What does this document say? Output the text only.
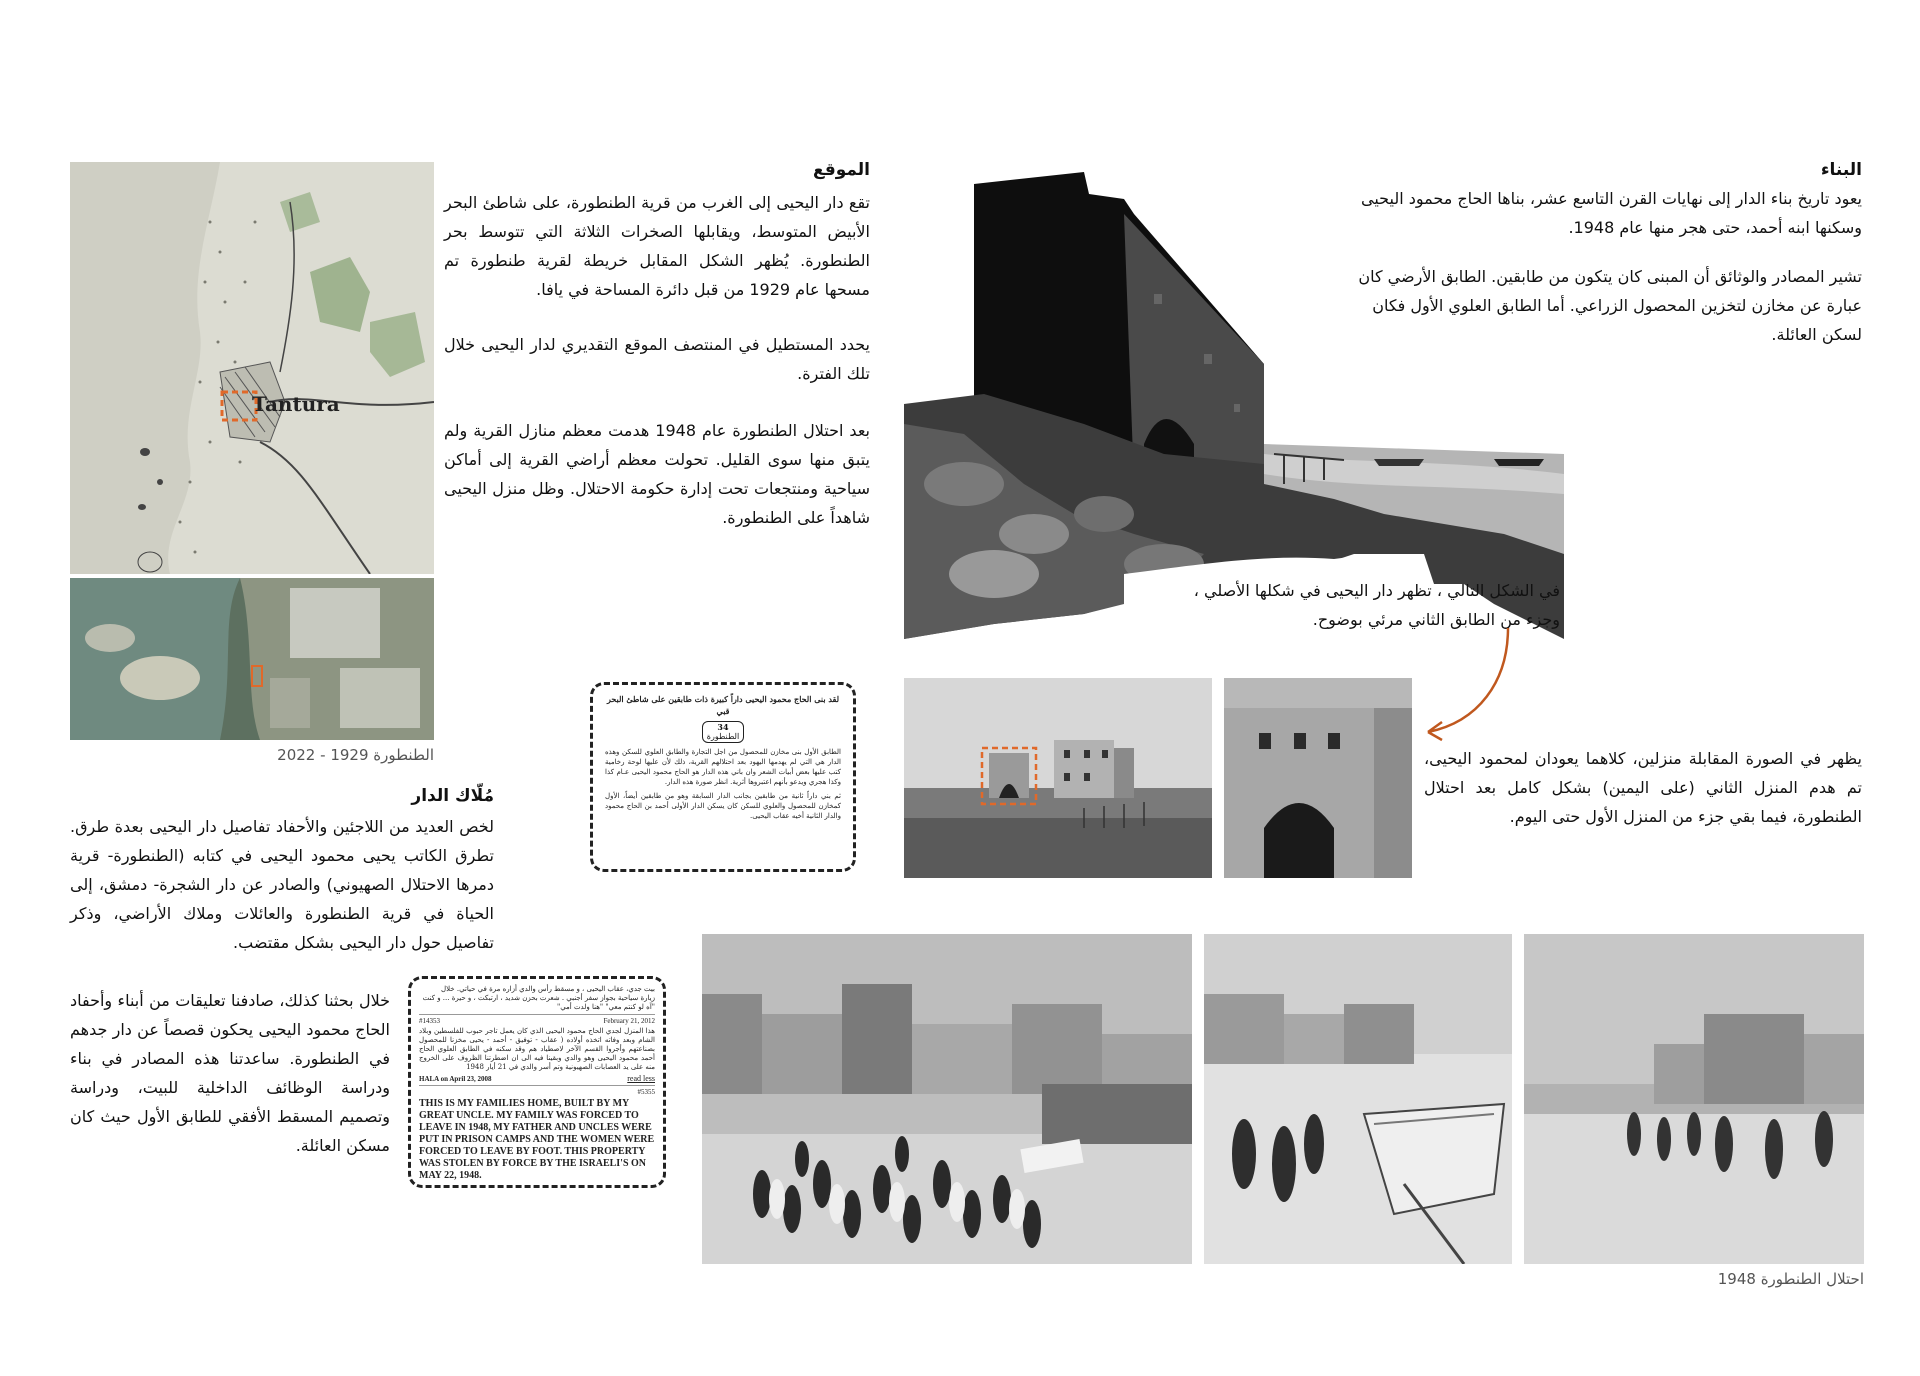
Tantura
الطنطورة 1929 - 2022
الموقع
تقع دار اليحيى إلى الغرب من قرية الطنطورة، على شاطئ البحر الأبيض المتوسط، ويقابلها الصخرات الثلاثة التي تتوسط بحر الطنطورة. يُظهر الشكل المقابل خريطة لقرية طنطورة تم مسحها عام 1929 من قبل دائرة المساحة في يافا.
يحدد المستطيل في المنتصف الموقع التقديري لدار اليحيى خلال تلك الفترة.
بعد احتلال الطنطورة عام 1948 هدمت معظم منازل القرية ولم يتبق منها سوى القليل. تحولت معظم أراضي القرية إلى أماكن سياحية ومنتجعات تحت إدارة حكومة الاحتلال. وظل منزل اليحيى شاهداً على الطنطورة.
مُلّاك الدار
لخص العديد من اللاجئين والأحفاد تفاصيل دار اليحيى بعدة طرق. تطرق الكاتب يحيى محمود اليحيى في كتابه (الطنطورة- قرية دمرها الاحتلال الصهيوني) والصادر عن دار الشجرة- دمشق، إلى الحياة في قرية الطنطورة والعائلات وملاك الأراضي، وذكر تفاصيل حول دار اليحيى بشكل مقتضب.
لقد بنى الحاج محمود اليحيى داراً كبيرة ذات طابقين على شاطئ البحر قبي
34
الطنطورة
الطابق الأول بنى مخازن للمحصول من اجل التجارة والطابق العلوي للسكن وهذه الدار هي التي لم يهدمها اليهود بعد احتلالهم القرية، ذلك لأن عليها لوحة رخامية كتب عليها بعض أبيات الشعر وان باني هذه الدار هو الحاج محمود اليحيى عـام كذا وكذا هجري ويدعو بأنهم اعتبروها أثرية. انظر صورة هذه الدار.
ثم بني داراً ثانية من طابقين بجانب الدار السابقة وهو من طابقين أيضاً، الأول كمخازن للمحصول والعلوي للسكن كان يسكن الدار الأولى أحمد بن الحاج محمود والدار الثانية أخيه عقاب اليحيى.
خلال بحثنا كذلك، صادفنا تعليقات من أبناء وأحفاد الحاج محمود اليحيى يحكون قصصاً عن دار جدهم في الطنطورة. ساعدتنا هذه المصادر في بناء ودراسة الوظائف الداخلية للبيت، ودراسة وتصميم المسقط الأفقي للطابق الأول حيث كان مسكن العائلة.
بيت جدي، عقاب اليحيى ، و مسقط رأس والدي أزاره مرة في حياتي. خلال
زيارة سياحية بجواز سفر أجنبي . شعرت بحزن شديد ، ارتبكت ، و حيرة ... و كنت
"آه لو كنتم معي" "هنا ولدت أمي"
#14353	February 21, 2012
هذا المنزل لجدي الحاج محمود اليحيى الذي كان يعمل تاجر حبوب للفلسطين وبلاد الشام وبعد وفاته اتخذه أولاده ( عقاب - توفيق - أحمد - يحيى مخزنا للمحصول بصناعتهم وأجروا القسم الآخر لاصطياد هم وقد سكنه في الطابق العلوي الحاج أحمد محمود اليحيى وهو والدي وبقينا فيه الى ان اضطرتنا الظروف على الخروج منه على يد العصابات الصهيونية وتم أسر والدي في 21 أيار 1948
HALA on April 23, 2008	read less
#5355
THIS IS MY FAMILIES HOME, BUILT BY MY GREAT UNCLE. MY FAMILY WAS FORCED TO LEAVE IN 1948, MY FATHER AND UNCLES WERE PUT IN PRISON CAMPS AND THE WOMEN WERE FORCED TO LEAVE BY FOOT. THIS PROPERTY WAS STOLEN BY FORCE BY THE ISRAELI'S ON MAY 22, 1948.
البناء
يعود تاريخ بناء الدار إلى نهايات القرن التاسع عشر، بناها الحاج محمود اليحيى وسكنها ابنه أحمد، حتى هجر منها عام 1948.
تشير المصادر والوثائق أن المبنى كان يتكون من طابقين. الطابق الأرضي كان عبارة عن مخازن لتخزين المحصول الزراعي. أما الطابق العلوي الأول فكان لسكن العائلة.
في الشكل التالي ، تظهر دار اليحيى في شكلها الأصلي ، وجزء من الطابق الثاني مرئي بوضوح.
يظهر في الصورة المقابلة منزلين، كلاهما يعودان لمحمود اليحيى، تم هدم المنزل الثاني (على اليمين) بشكل كامل بعد احتلال الطنطورة، فيما بقي جزء من المنزل الأول حتى اليوم.
احتلال الطنطورة 1948
